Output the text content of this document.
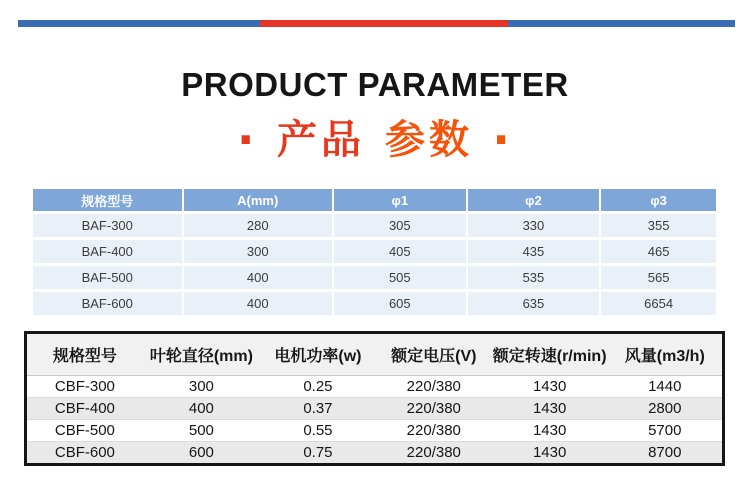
PRODUCT PARAMETER
· 产品 参数 ·
规格型号	A(mm)	φ1	φ2	φ3
BAF-300	280	305	330	355
BAF-400	300	405	435	465
BAF-500	400	505	535	565
BAF-600	400	605	635	6654
规格型号	叶轮直径(mm)	电机功率(w)	额定电压(V)	额定转速(r/min)	风量(m3/h)
CBF-300	300	0.25	220/380	1430	1440
CBF-400	400	0.37	220/380	1430	2800
CBF-500	500	0.55	220/380	1430	5700
CBF-600	600	0.75	220/380	1430	8700
